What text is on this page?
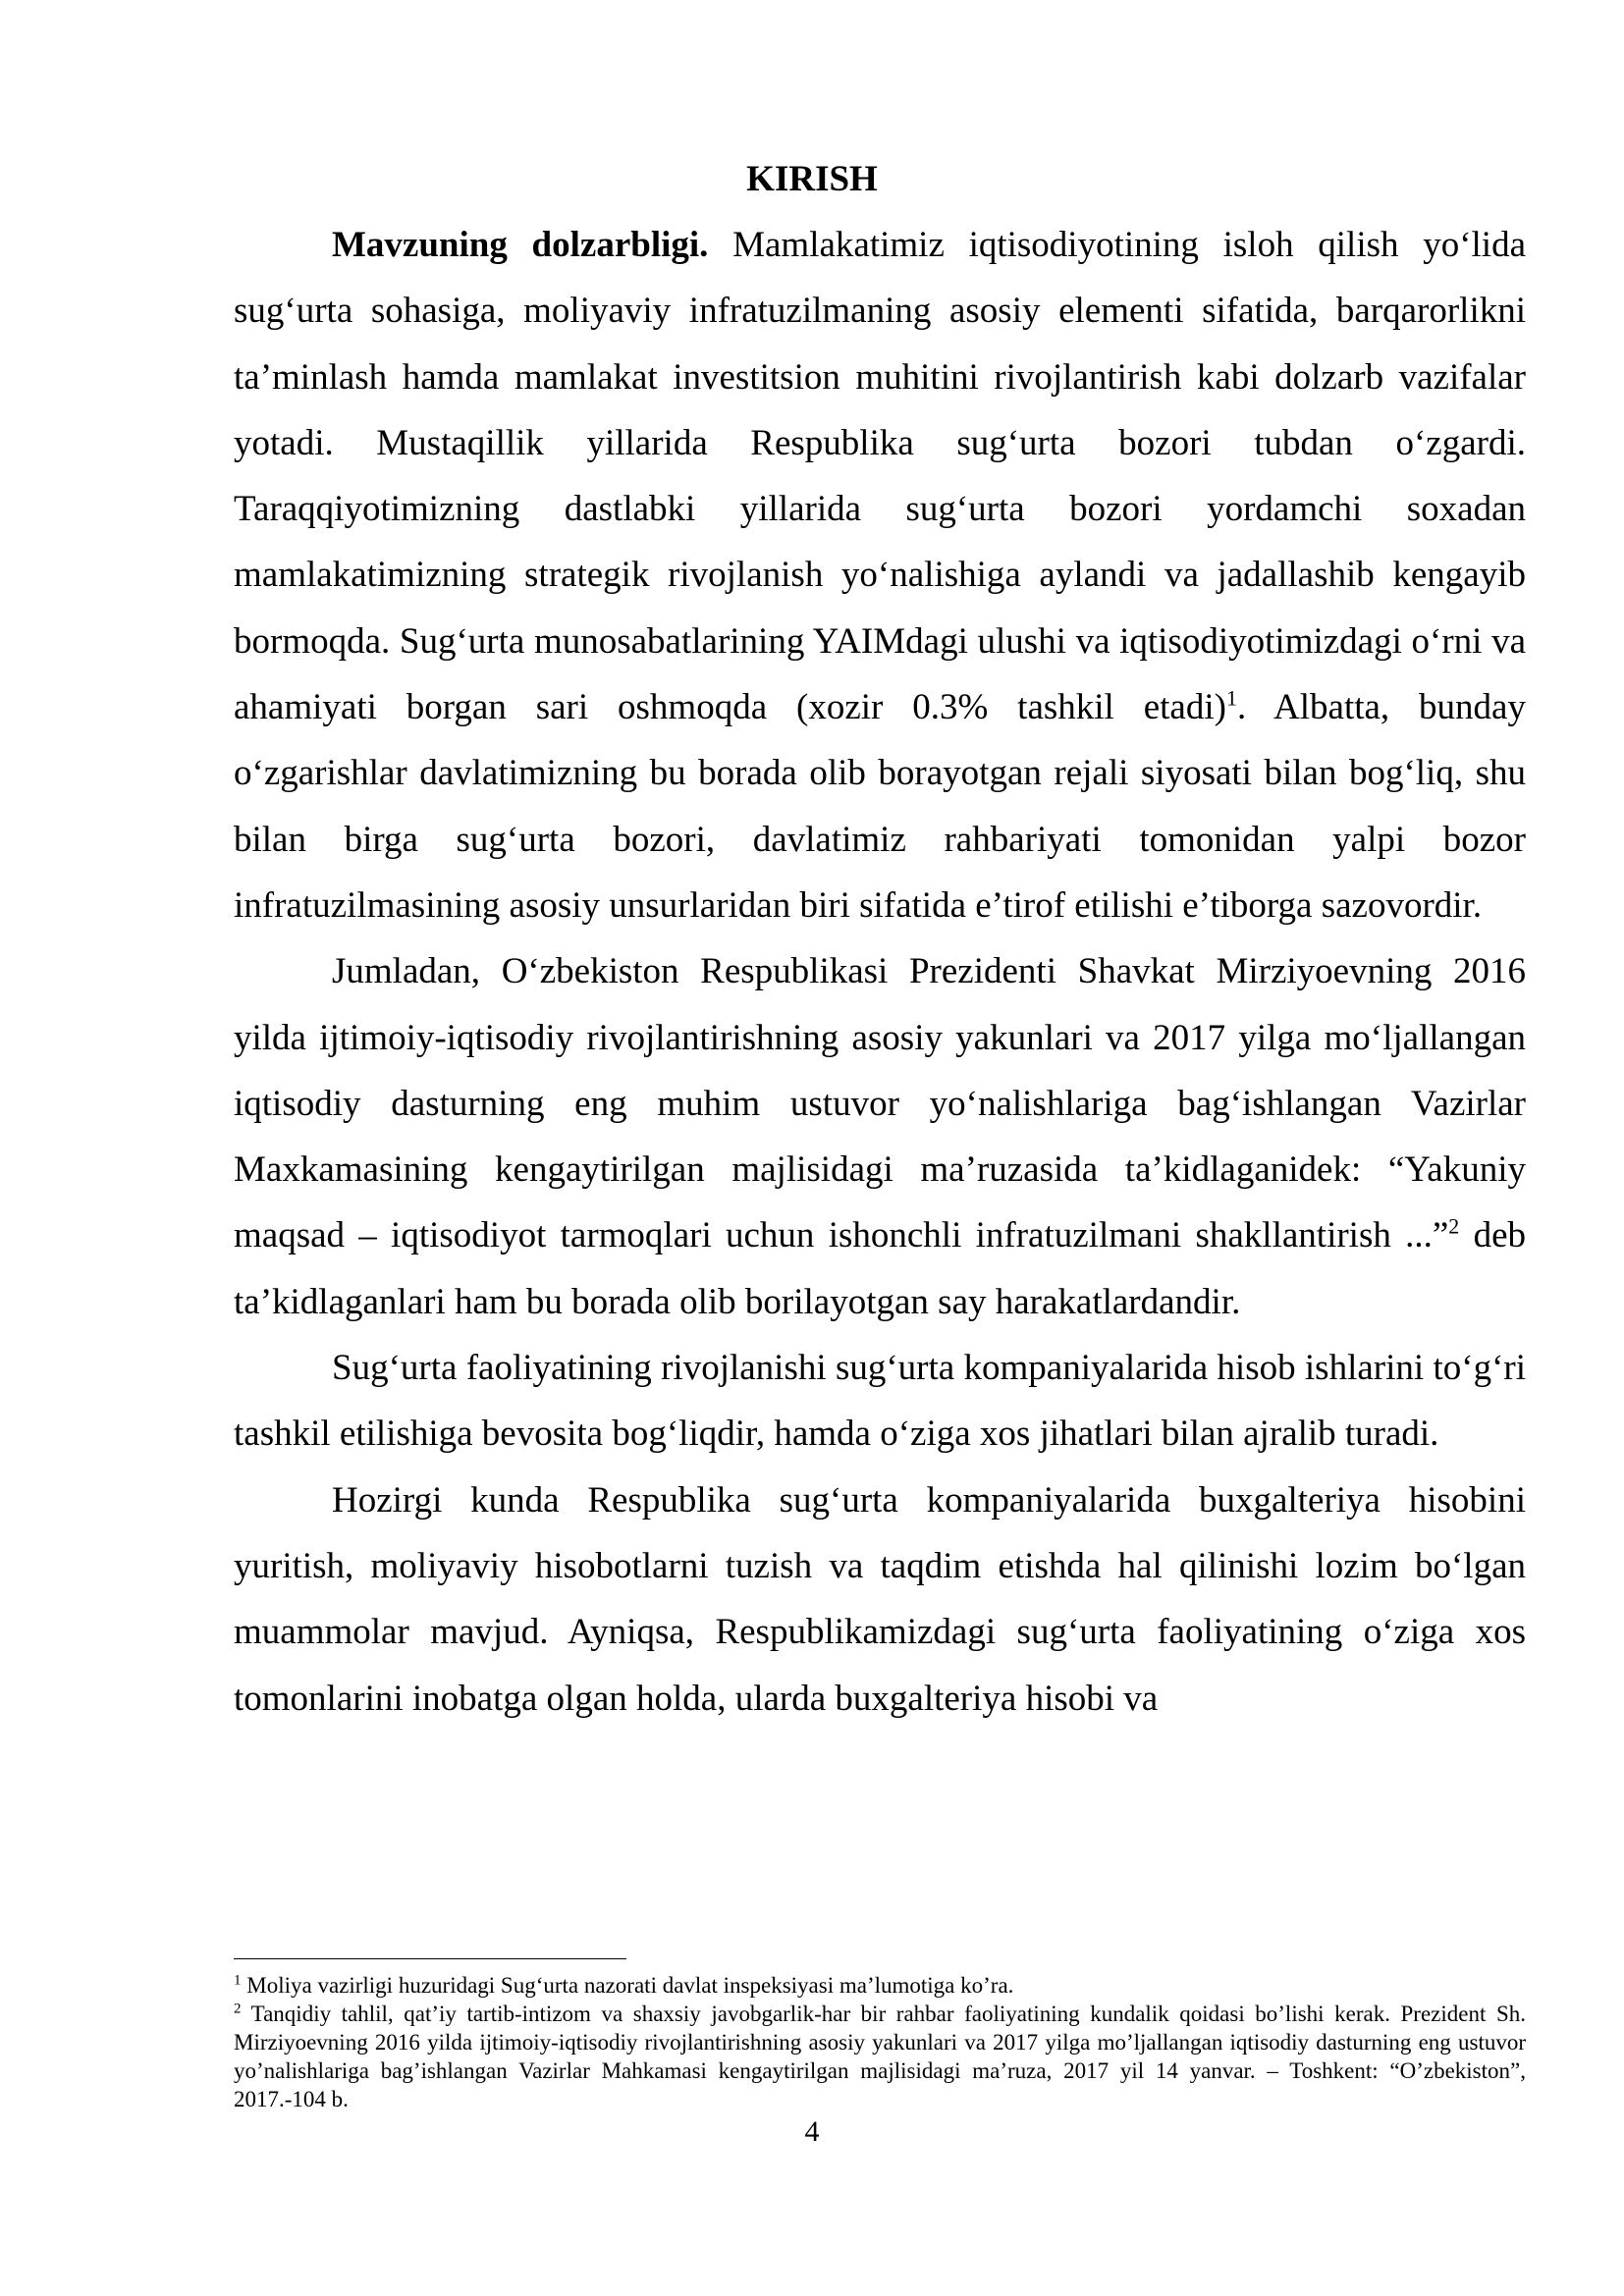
KIRISH

Mavzuning dolzarbligi. Mamlakatimiz iqtisodiyotining isloh qilish yo‘lida sug‘urta sohasiga, moliyaviy infratuzilmaning asosiy elementi sifatida, barqarorlikni ta’minlash hamda mamlakat investitsion muhitini rivojlantirish kabi dolzarb vazifalar yotadi. Mustaqillik yillarida Respublika sug‘urta bozori tubdan o‘zgardi. Taraqqiyotimizning dastlabki yillarida sug‘urta bozori yordamchi soxadan mamlakatimizning strategik rivojlanish yo‘nalishiga aylandi va jadallashib kengayib bormoqda. Sug‘urta munosabatlarining YAIMdagi ulushi va iqtisodiyotimizdagi o‘rni va ahamiyati borgan sari oshmoqda (xozir 0.3% tashkil etadi)$^1$. Albatta, bunday o‘zgarishlar davlatimizning bu borada olib borayotgan rejali siyosati bilan bog‘liq, shu bilan birga sug‘urta bozori, davlatimiz rahbariyati tomonidan yalpi bozor infratuzilmasining asosiy unsurlaridan biri sifatida e’tirof etilishi e’tiborga sazovordir.

Jumladan, O‘zbekiston Respublikasi Prezidenti Shavkat Mirziyoevning 2016 yilda ijtimoiy-iqtisodiy rivojlantirishning asosiy yakunlari va 2017 yilga mo‘ljallangan iqtisodiy dasturning eng muhim ustuvor yo‘nalishlariga bag‘ishlangan Vazirlar Maxkamasining kengaytirilgan majlisidagi ma’ruzasida ta’kidlaganidek: “Yakuniy maqsad – iqtisodiyot tarmoqlari uchun ishonchli infratuzilmani shakllantirish ...”$^2$ deb ta’kidlaganlari ham bu borada olib borilayotgan say harakatlardandir.

Sug‘urta faoliyatining rivojlanishi sug‘urta kompaniyalarida hisob ishlarini to‘g‘ri tashkil etilishiga bevosita bog‘liqdir, hamda o‘ziga xos jihatlari bilan ajralib turadi.

Hozirgi kunda Respublika sug‘urta kompaniyalarida buxgalteriya hisobini yuritish, moliyaviy hisobotlarni tuzish va taqdim etishda hal qilinishi lozim bo‘lgan muammolar mavjud. Ayniqsa, Respublikamizdagi sug‘urta faoliyatining o‘ziga xos tomonlarini inobatga olgan holda, ularda buxgalteriya hisobi va

$^1$ Moliya vazirligi huzuridagi Sug‘urta nazorati davlat inspeksiyasi ma’lumotiga ko’ra.

$^2$ Tanqidiy tahlil, qat’iy tartib-intizom va shaxsiy javobgarlik-har bir rahbar faoliyatining kundalik qoidasi bo’lishi kerak. Prezident Sh. Mirziyoevning 2016 yilda ijtimoiy-iqtisodiy rivojlantirishning asosiy yakunlari va 2017 yilga mo’ljallangan iqtisodiy dasturning eng ustuvor yo’nalishlariga bag’ishlangan Vazirlar Mahkamasi kengaytirilgan majlisidagi ma’ruza, 2017 yil 14 yanvar. – Toshkent: “O’zbekiston”, 2017.-104 b.

4
